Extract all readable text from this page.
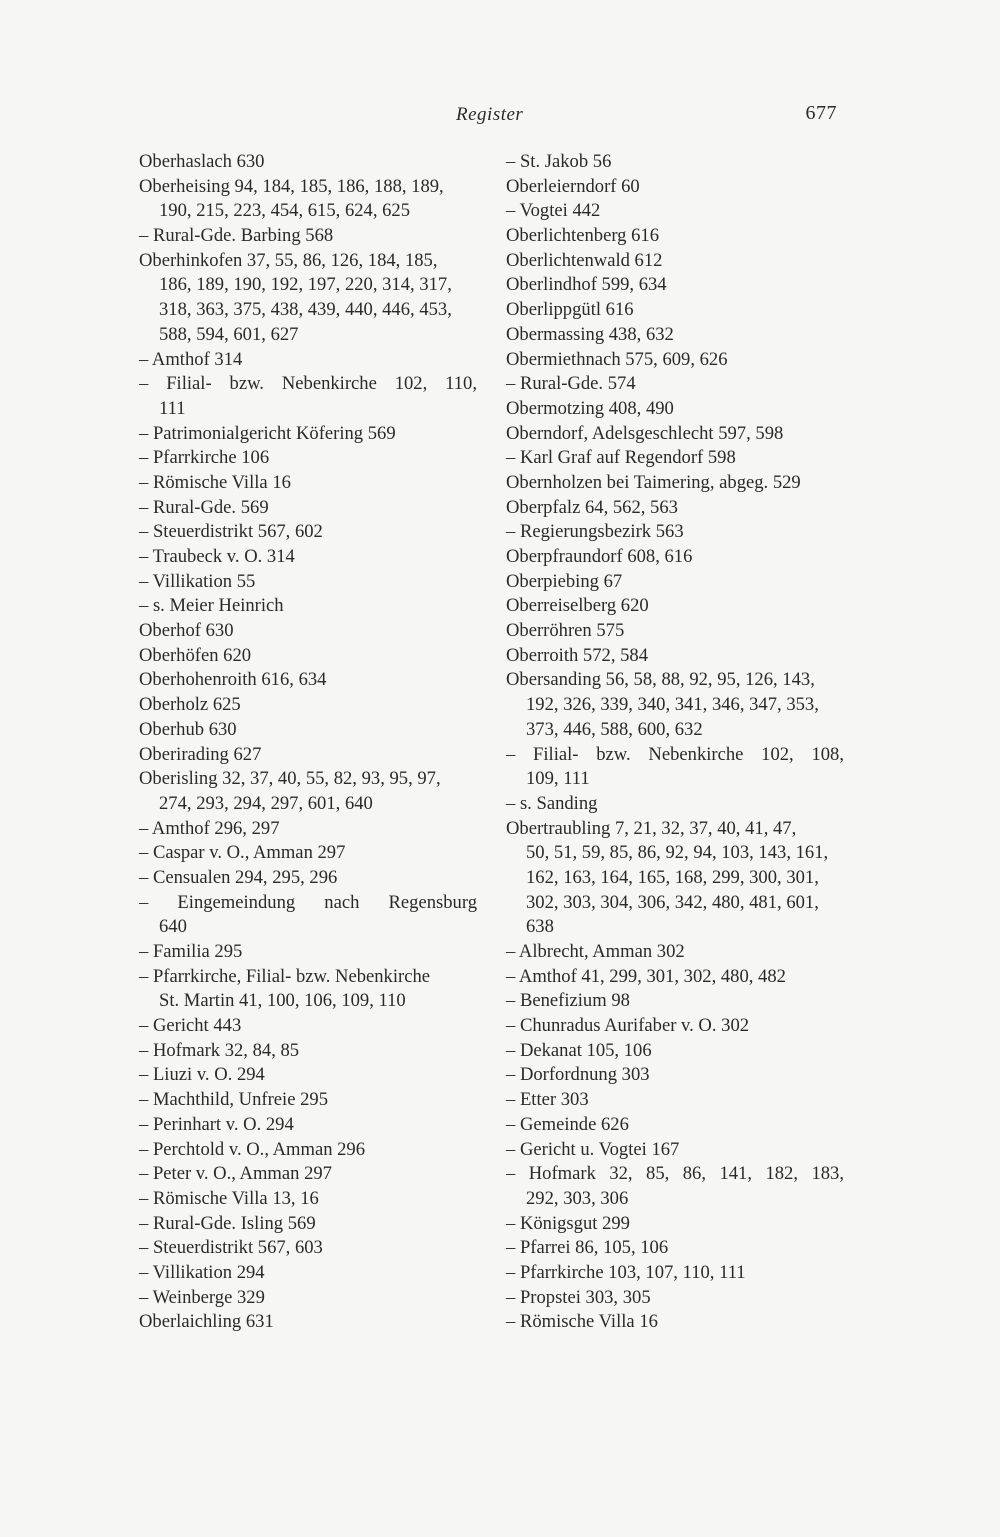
Register	677
Oberhaslach 630
Oberheising 94, 184, 185, 186, 188, 189,
190, 215, 223, 454, 615, 624, 625
– Rural-Gde. Barbing 568
Oberhinkofen 37, 55, 86, 126, 184, 185,
186, 189, 190, 192, 197, 220, 314, 317,
318, 363, 375, 438, 439, 440, 446, 453,
588, 594, 601, 627
– Amthof 314
– Filial- bzw. Nebenkirche 102, 110,
111
– Patrimonialgericht Köfering 569
– Pfarrkirche 106
– Römische Villa 16
– Rural-Gde. 569
– Steuerdistrikt 567, 602
– Traubeck v. O. 314
– Villikation 55
– s. Meier Heinrich
Oberhof 630
Oberhöfen 620
Oberhohenroith 616, 634
Oberholz 625
Oberhub 630
Oberirading 627
Oberisling 32, 37, 40, 55, 82, 93, 95, 97,
274, 293, 294, 297, 601, 640
– Amthof 296, 297
– Caspar v. O., Amman 297
– Censualen 294, 295, 296
– Eingemeindung nach Regensburg
640
– Familia 295
– Pfarrkirche, Filial- bzw. Nebenkirche
St. Martin 41, 100, 106, 109, 110
– Gericht 443
– Hofmark 32, 84, 85
– Liuzi v. O. 294
– Machthild, Unfreie 295
– Perinhart v. O. 294
– Perchtold v. O., Amman 296
– Peter v. O., Amman 297
– Römische Villa 13, 16
– Rural-Gde. Isling 569
– Steuerdistrikt 567, 603
– Villikation 294
– Weinberge 329
Oberlaichling 631
– St. Jakob 56
Oberleierndorf 60
– Vogtei 442
Oberlichtenberg 616
Oberlichtenwald 612
Oberlindhof 599, 634
Oberlippgütl 616
Obermassing 438, 632
Obermiethnach 575, 609, 626
– Rural-Gde. 574
Obermotzing 408, 490
Oberndorf, Adelsgeschlecht 597, 598
– Karl Graf auf Regendorf 598
Obernholzen bei Taimering, abgeg. 529
Oberpfalz 64, 562, 563
– Regierungsbezirk 563
Oberpfraundorf 608, 616
Oberpiebing 67
Oberreiselberg 620
Oberröhren 575
Oberroith 572, 584
Obersanding 56, 58, 88, 92, 95, 126, 143,
192, 326, 339, 340, 341, 346, 347, 353,
373, 446, 588, 600, 632
– Filial- bzw. Nebenkirche 102, 108,
109, 111
– s. Sanding
Obertraubling 7, 21, 32, 37, 40, 41, 47,
50, 51, 59, 85, 86, 92, 94, 103, 143, 161,
162, 163, 164, 165, 168, 299, 300, 301,
302, 303, 304, 306, 342, 480, 481, 601,
638
– Albrecht, Amman 302
– Amthof 41, 299, 301, 302, 480, 482
– Benefizium 98
– Chunradus Aurifaber v. O. 302
– Dekanat 105, 106
– Dorfordnung 303
– Etter 303
– Gemeinde 626
– Gericht u. Vogtei 167
– Hofmark 32, 85, 86, 141, 182, 183,
292, 303, 306
– Königsgut 299
– Pfarrei 86, 105, 106
– Pfarrkirche 103, 107, 110, 111
– Propstei 303, 305
– Römische Villa 16
